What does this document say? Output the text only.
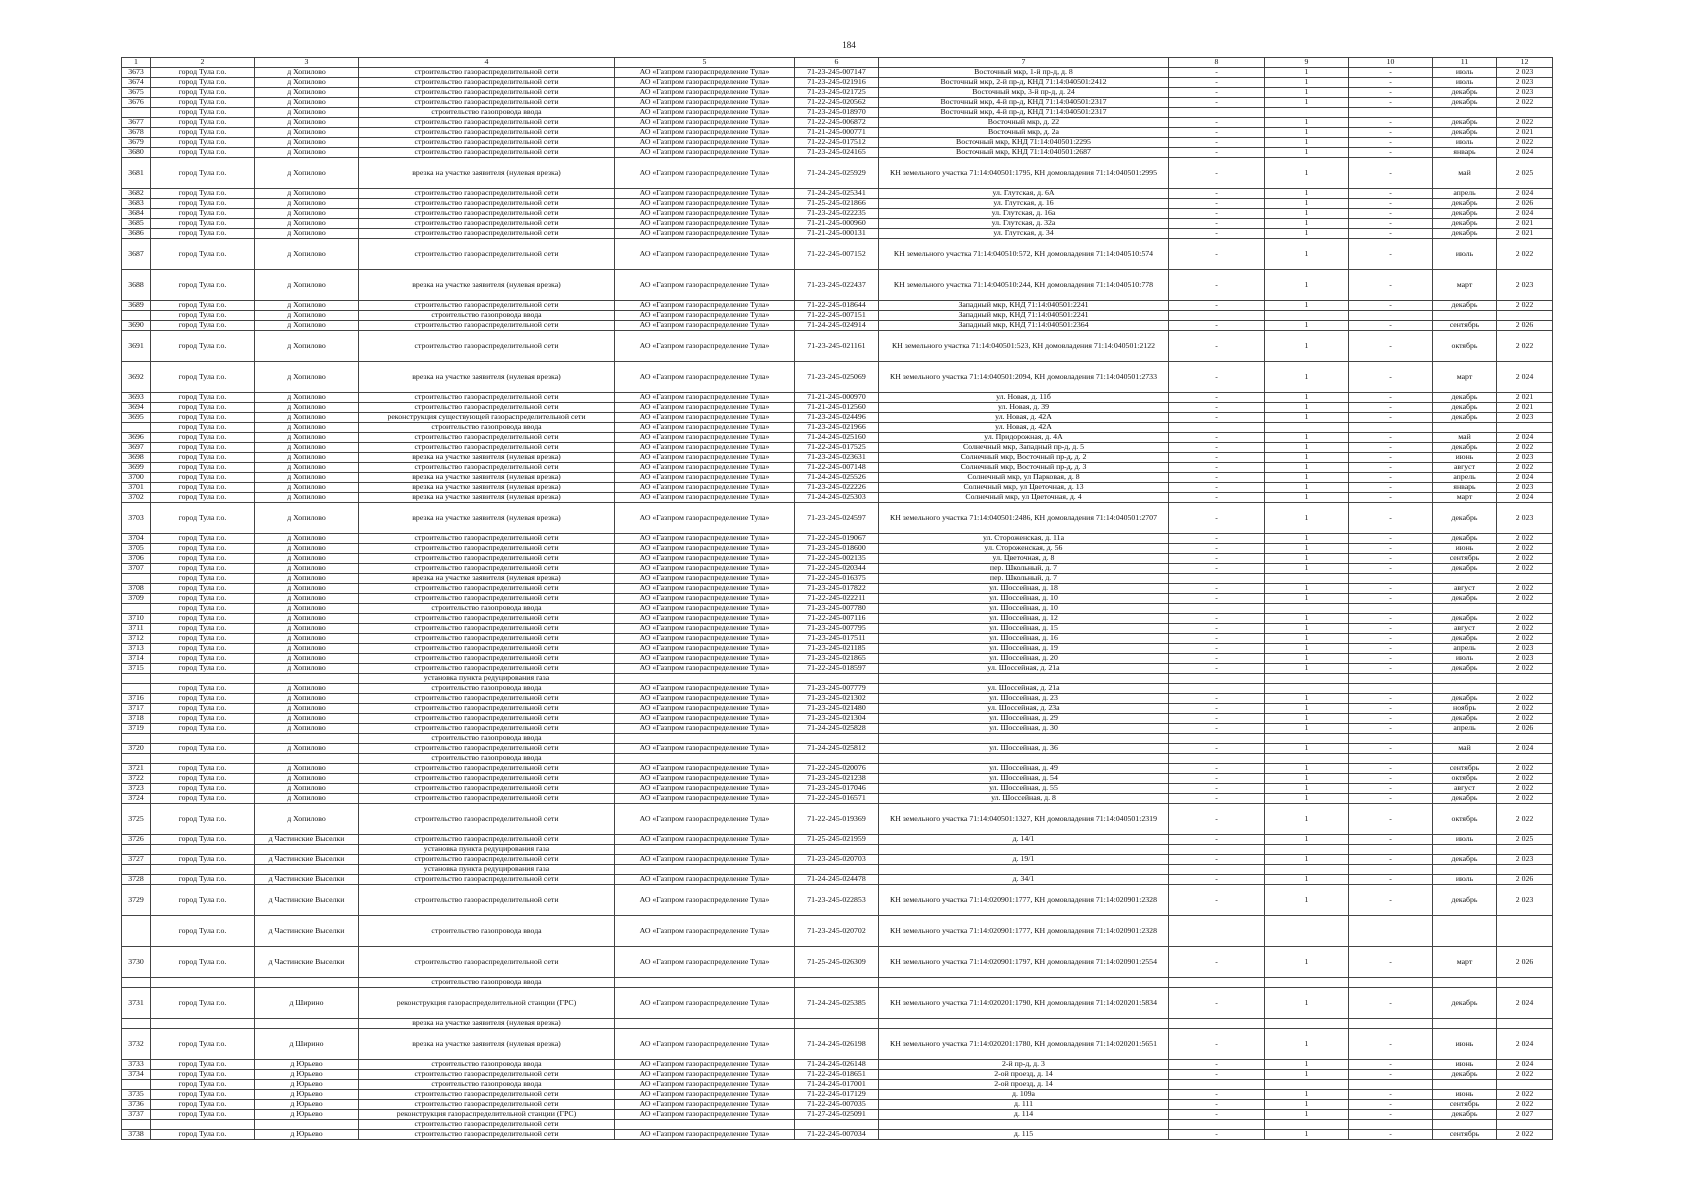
184
1	2	3	4	5	6	7	8	9	10	11	12
3673	город Тула г.о.	д Хопилово	строительство газораспределительной сети	АО «Газпром газораспределение Тула»	71-23-245-007147	Восточный мкр, 1-й пр-д, д. 8	-	1	-	июль	2 023
3674	город Тула г.о.	д Хопилово	строительство газораспределительной сети	АО «Газпром газораспределение Тула»	71-23-245-021916	Восточный мкр, 2-й пр-д, КНД 71:14:040501:2412	-	1	-	июль	2 023
3675	город Тула г.о.	д Хопилово	строительство газораспределительной сети	АО «Газпром газораспределение Тула»	71-23-245-021725	Восточный мкр, 3-й пр-д, д. 24	-	1	-	декабрь	2 023
3676	город Тула г.о.	д Хопилово	строительство газораспределительной сети	АО «Газпром газораспределение Тула»	71-22-245-020562	Восточный мкр, 4-й пр-д, КНД 71:14:040501:2317	-	1	-	декабрь	2 022
	город Тула г.о.	д Хопилово	строительство газопровода ввода	АО «Газпром газораспределение Тула»	71-23-245-018970	Восточный мкр, 4-й пр-д, КНД 71:14:040501:2317					
3677	город Тула г.о.	д Хопилово	строительство газораспределительной сети	АО «Газпром газораспределение Тула»	71-22-245-006872	Восточный мкр, д. 22	-	1	-	декабрь	2 022
3678	город Тула г.о.	д Хопилово	строительство газораспределительной сети	АО «Газпром газораспределение Тула»	71-21-245-000771	Восточный мкр, д. 2а	-	1	-	декабрь	2 021
3679	город Тула г.о.	д Хопилово	строительство газораспределительной сети	АО «Газпром газораспределение Тула»	71-22-245-017512	Восточный мкр, КНД 71:14:040501:2295	-	1	-	июль	2 022
3680	город Тула г.о.	д Хопилово	строительство газораспределительной сети	АО «Газпром газораспределение Тула»	71-23-245-024165	Восточный мкр, КНД 71:14:040501:2687	-	1	-	январь	2 024
3681	город Тула г.о.	д Хопилово	врезка на участке заявителя (нулевая врезка)	АО «Газпром газораспределение Тула»	71-24-245-025929	КН земельного участка 71:14:040501:1795, КН домовладения 71:14:040501:2995	-	1	-	май	2 025
3682	город Тула г.о.	д Хопилово	строительство газораспределительной сети	АО «Газпром газораспределение Тула»	71-24-245-025341	ул. Глутская, д. 6А	-	1	-	апрель	2 024
3683	город Тула г.о.	д Хопилово	строительство газораспределительной сети	АО «Газпром газораспределение Тула»	71-25-245-021866	ул. Глутская, д. 16	-	1	-	декабрь	2 026
3684	город Тула г.о.	д Хопилово	строительство газораспределительной сети	АО «Газпром газораспределение Тула»	71-23-245-022235	ул. Глутская, д. 16а	-	1	-	декабрь	2 024
3685	город Тула г.о.	д Хопилово	строительство газораспределительной сети	АО «Газпром газораспределение Тула»	71-21-245-000960	ул. Глутская, д. 32а	-	1	-	декабрь	2 021
3686	город Тула г.о.	д Хопилово	строительство газораспределительной сети	АО «Газпром газораспределение Тула»	71-21-245-000131	ул. Глутская, д. 34	-	1	-	декабрь	2 021
3687	город Тула г.о.	д Хопилово	строительство газораспределительной сети	АО «Газпром газораспределение Тула»	71-22-245-007152	КН земельного участка 71:14:040510:572, КН домовладения 71:14:040510:574	-	1	-	июль	2 022
3688	город Тула г.о.	д Хопилово	врезка на участке заявителя (нулевая врезка)	АО «Газпром газораспределение Тула»	71-23-245-022437	КН земельного участка 71:14:040510:244, КН домовладения 71:14:040510:778	-	1	-	март	2 023
3689	город Тула г.о.	д Хопилово	строительство газораспределительной сети	АО «Газпром газораспределение Тула»	71-22-245-018644	Западный мкр, КНД 71:14:040501:2241	-	1	-	декабрь	2 022
	город Тула г.о.	д Хопилово	строительство газопровода ввода	АО «Газпром газораспределение Тула»	71-22-245-007151	Западный мкр, КНД 71:14:040501:2241					
3690	город Тула г.о.	д Хопилово	строительство газораспределительной сети	АО «Газпром газораспределение Тула»	71-24-245-024914	Западный мкр, КНД 71:14:040501:2364	-	1	-	сентябрь	2 026
3691	город Тула г.о.	д Хопилово	строительство газораспределительной сети	АО «Газпром газораспределение Тула»	71-23-245-021161	КН земельного участка 71:14:040501:523, КН домовладения 71:14:040501:2122	-	1	-	октябрь	2 022
3692	город Тула г.о.	д Хопилово	врезка на участке заявителя (нулевая врезка)	АО «Газпром газораспределение Тула»	71-23-245-025069	КН земельного участка 71:14:040501:2094, КН домовладения 71:14:040501:2733	-	1	-	март	2 024
3693	город Тула г.о.	д Хопилово	строительство газораспределительной сети	АО «Газпром газораспределение Тула»	71-21-245-000970	ул. Новая, д. 11б	-	1	-	декабрь	2 021
3694	город Тула г.о.	д Хопилово	строительство газораспределительной сети	АО «Газпром газораспределение Тула»	71-21-245-012560	ул. Новая, д. 39	-	1	-	декабрь	2 021
3695	город Тула г.о.	д Хопилово	реконструкция существующей газораспределительной сети	АО «Газпром газораспределение Тула»	71-23-245-024496	ул. Новая, д. 42А	-	1	-	декабрь	2 023
	город Тула г.о.	д Хопилово	строительство газопровода ввода	АО «Газпром газораспределение Тула»	71-23-245-021966	ул. Новая, д. 42А					
3696	город Тула г.о.	д Хопилово	строительство газораспределительной сети	АО «Газпром газораспределение Тула»	71-24-245-025160	ул. Придорожная, д. 4А	-	1	-	май	2 024
3697	город Тула г.о.	д Хопилово	строительство газораспределительной сети	АО «Газпром газораспределение Тула»	71-22-245-017525	Солнечный мкр, Западный пр-д, д. 5	-	1	-	декабрь	2 022
3698	город Тула г.о.	д Хопилово	врезка на участке заявителя (нулевая врезка)	АО «Газпром газораспределение Тула»	71-23-245-023631	Солнечный мкр, Восточный пр-д, д. 2	-	1	-	июнь	2 023
3699	город Тула г.о.	д Хопилово	строительство газораспределительной сети	АО «Газпром газораспределение Тула»	71-22-245-007148	Солнечный мкр, Восточный пр-д, д. 3	-	1	-	август	2 022
3700	город Тула г.о.	д Хопилово	врезка на участке заявителя (нулевая врезка)	АО «Газпром газораспределение Тула»	71-24-245-025526	Солнечный мкр, ул Парковая, д. 8	-	1	-	апрель	2 024
3701	город Тула г.о.	д Хопилово	врезка на участке заявителя (нулевая врезка)	АО «Газпром газораспределение Тула»	71-23-245-022226	Солнечный мкр, ул Цветочная, д. 13	-	1	-	январь	2 023
3702	город Тула г.о.	д Хопилово	врезка на участке заявителя (нулевая врезка)	АО «Газпром газораспределение Тула»	71-24-245-025303	Солнечный мкр, ул Цветочная, д. 4	-	1	-	март	2 024
3703	город Тула г.о.	д Хопилово	врезка на участке заявителя (нулевая врезка)	АО «Газпром газораспределение Тула»	71-23-245-024597	КН земельного участка 71:14:040501:2486, КН домовладения 71:14:040501:2707	-	1	-	декабрь	2 023
3704	город Тула г.о.	д Хопилово	строительство газораспределительной сети	АО «Газпром газораспределение Тула»	71-22-245-019067	ул. Стороженская, д. 11а	-	1	-	декабрь	2 022
3705	город Тула г.о.	д Хопилово	строительство газораспределительной сети	АО «Газпром газораспределение Тула»	71-23-245-018600	ул. Стороженская, д. 56	-	1	-	июнь	2 022
3706	город Тула г.о.	д Хопилово	строительство газораспределительной сети	АО «Газпром газораспределение Тула»	71-22-245-002135	ул. Цветочная, д. 8	-	1	-	сентябрь	2 022
3707	город Тула г.о.	д Хопилово	строительство газораспределительной сети	АО «Газпром газораспределение Тула»	71-22-245-020344	пер. Школьный, д. 7	-	1	-	декабрь	2 022
	город Тула г.о.	д Хопилово	врезка на участке заявителя (нулевая врезка)	АО «Газпром газораспределение Тула»	71-22-245-016375	пер. Школьный, д. 7					
3708	город Тула г.о.	д Хопилово	строительство газораспределительной сети	АО «Газпром газораспределение Тула»	71-23-245-017822	ул. Шоссейная, д. 18	-	1	-	август	2 022
3709	город Тула г.о.	д Хопилово	строительство газораспределительной сети	АО «Газпром газораспределение Тула»	71-22-245-022211	ул. Шоссейная, д. 10	-	1	-	декабрь	2 022
	город Тула г.о.	д Хопилово	строительство газопровода ввода	АО «Газпром газораспределение Тула»	71-23-245-007780	ул. Шоссейная, д. 10					
3710	город Тула г.о.	д Хопилово	строительство газораспределительной сети	АО «Газпром газораспределение Тула»	71-22-245-007116	ул. Шоссейная, д. 12	-	1	-	декабрь	2 022
3711	город Тула г.о.	д Хопилово	строительство газораспределительной сети	АО «Газпром газораспределение Тула»	71-23-245-007795	ул. Шоссейная, д. 15	-	1	-	август	2 022
3712	город Тула г.о.	д Хопилово	строительство газораспределительной сети	АО «Газпром газораспределение Тула»	71-23-245-017511	ул. Шоссейная, д. 16	-	1	-	декабрь	2 022
3713	город Тула г.о.	д Хопилово	строительство газораспределительной сети	АО «Газпром газораспределение Тула»	71-23-245-021185	ул. Шоссейная, д. 19	-	1	-	апрель	2 023
3714	город Тула г.о.	д Хопилово	строительство газораспределительной сети	АО «Газпром газораспределение Тула»	71-23-245-021865	ул. Шоссейная, д. 20	-	1	-	июль	2 023
3715	город Тула г.о.	д Хопилово	строительство газораспределительной сети	АО «Газпром газораспределение Тула»	71-22-245-018597	ул. Шоссейная, д. 21а	-	1	-	декабрь	2 022
			установка пункта редуцирования газа								
	город Тула г.о.	д Хопилово	строительство газопровода ввода	АО «Газпром газораспределение Тула»	71-23-245-007779	ул. Шоссейная, д. 21а					
3716	город Тула г.о.	д Хопилово	строительство газораспределительной сети	АО «Газпром газораспределение Тула»	71-23-245-021302	ул. Шоссейная, д. 23	-	1	-	декабрь	2 022
3717	город Тула г.о.	д Хопилово	строительство газораспределительной сети	АО «Газпром газораспределение Тула»	71-23-245-021480	ул. Шоссейная, д. 23а	-	1	-	ноябрь	2 022
3718	город Тула г.о.	д Хопилово	строительство газораспределительной сети	АО «Газпром газораспределение Тула»	71-23-245-021304	ул. Шоссейная, д. 29	-	1	-	декабрь	2 022
3719	город Тула г.о.	д Хопилово	строительство газораспределительной сети	АО «Газпром газораспределение Тула»	71-24-245-025828	ул. Шоссейная, д. 30	-	1	-	апрель	2 026
			строительство газопровода ввода								
3720	город Тула г.о.	д Хопилово	строительство газораспределительной сети	АО «Газпром газораспределение Тула»	71-24-245-025812	ул. Шоссейная, д. 36	-	1	-	май	2 024
			строительство газопровода ввода								
3721	город Тула г.о.	д Хопилово	строительство газораспределительной сети	АО «Газпром газораспределение Тула»	71-22-245-020076	ул. Шоссейная, д. 49	-	1	-	сентябрь	2 022
3722	город Тула г.о.	д Хопилово	строительство газораспределительной сети	АО «Газпром газораспределение Тула»	71-23-245-021238	ул. Шоссейная, д. 54	-	1	-	октябрь	2 022
3723	город Тула г.о.	д Хопилово	строительство газораспределительной сети	АО «Газпром газораспределение Тула»	71-23-245-017046	ул. Шоссейная, д. 55	-	1	-	август	2 022
3724	город Тула г.о.	д Хопилово	строительство газораспределительной сети	АО «Газпром газораспределение Тула»	71-22-245-016571	ул. Шоссейная, д. 8	-	1	-	декабрь	2 022
3725	город Тула г.о.	д Хопилово	строительство газораспределительной сети	АО «Газпром газораспределение Тула»	71-22-245-019369	КН земельного участка 71:14:040501:1327, КН домовладения 71:14:040501:2319	-	1	-	октябрь	2 022
3726	город Тула г.о.	д Частинские Выселки	строительство газораспределительной сети	АО «Газпром газораспределение Тула»	71-25-245-021959	д. 14/1	-	1	-	июль	2 025
			установка пункта редуцирования газа								
3727	город Тула г.о.	д Частинские Выселки	строительство газораспределительной сети	АО «Газпром газораспределение Тула»	71-23-245-020703	д. 19/1	-	1	-	декабрь	2 023
			установка пункта редуцирования газа								
3728	город Тула г.о.	д Частинские Выселки	строительство газораспределительной сети	АО «Газпром газораспределение Тула»	71-24-245-024478	д. 34/1	-	1	-	июль	2 026
3729	город Тула г.о.	д Частинские Выселки	строительство газораспределительной сети	АО «Газпром газораспределение Тула»	71-23-245-022853	КН земельного участка 71:14:020901:1777, КН домовладения 71:14:020901:2328	-	1	-	декабрь	2 023
	город Тула г.о.	д Частинские Выселки	строительство газопровода ввода	АО «Газпром газораспределение Тула»	71-23-245-020702	КН земельного участка 71:14:020901:1777, КН домовладения 71:14:020901:2328					
3730	город Тула г.о.	д Частинские Выселки	строительство газораспределительной сети	АО «Газпром газораспределение Тула»	71-25-245-026309	КН земельного участка 71:14:020901:1797, КН домовладения 71:14:020901:2554	-	1	-	март	2 026
			строительство газопровода ввода								
3731	город Тула г.о.	д Ширино	реконструкция газораспределительной станции (ГРС)	АО «Газпром газораспределение Тула»	71-24-245-025385	КН земельного участка 71:14:020201:1790, КН домовладения 71:14:020201:5834	-	1	-	декабрь	2 024
			врезка на участке заявителя (нулевая врезка)								
3732	город Тула г.о.	д Ширино	врезка на участке заявителя (нулевая врезка)	АО «Газпром газораспределение Тула»	71-24-245-026198	КН земельного участка 71:14:020201:1780, КН домовладения 71:14:020201:5651	-	1	-	июнь	2 024
3733	город Тула г.о.	д Юрьево	строительство газопровода ввода	АО «Газпром газораспределение Тула»	71-24-245-026148	2-й пр-д, д. 3	-	1	-	июнь	2 024
3734	город Тула г.о.	д Юрьево	строительство газораспределительной сети	АО «Газпром газораспределение Тула»	71-22-245-018651	2-ой проезд, д. 14	-	1	-	декабрь	2 022
	город Тула г.о.	д Юрьево	строительство газопровода ввода	АО «Газпром газораспределение Тула»	71-24-245-017001	2-ой проезд, д. 14					
3735	город Тула г.о.	д Юрьево	строительство газораспределительной сети	АО «Газпром газораспределение Тула»	71-22-245-017129	д. 109а	-	1	-	июнь	2 022
3736	город Тула г.о.	д Юрьево	строительство газораспределительной сети	АО «Газпром газораспределение Тула»	71-22-245-007035	д. 111	-	1	-	сентябрь	2 022
3737	город Тула г.о.	д Юрьево	реконструкция газораспределительной станции (ГРС)	АО «Газпром газораспределение Тула»	71-27-245-025091	д. 114	-	1	-	декабрь	2 027
			строительство газораспределительной сети								
3738	город Тула г.о.	д Юрьево	строительство газораспределительной сети	АО «Газпром газораспределение Тула»	71-22-245-007034	д. 115	-	1	-	сентябрь	2 022
